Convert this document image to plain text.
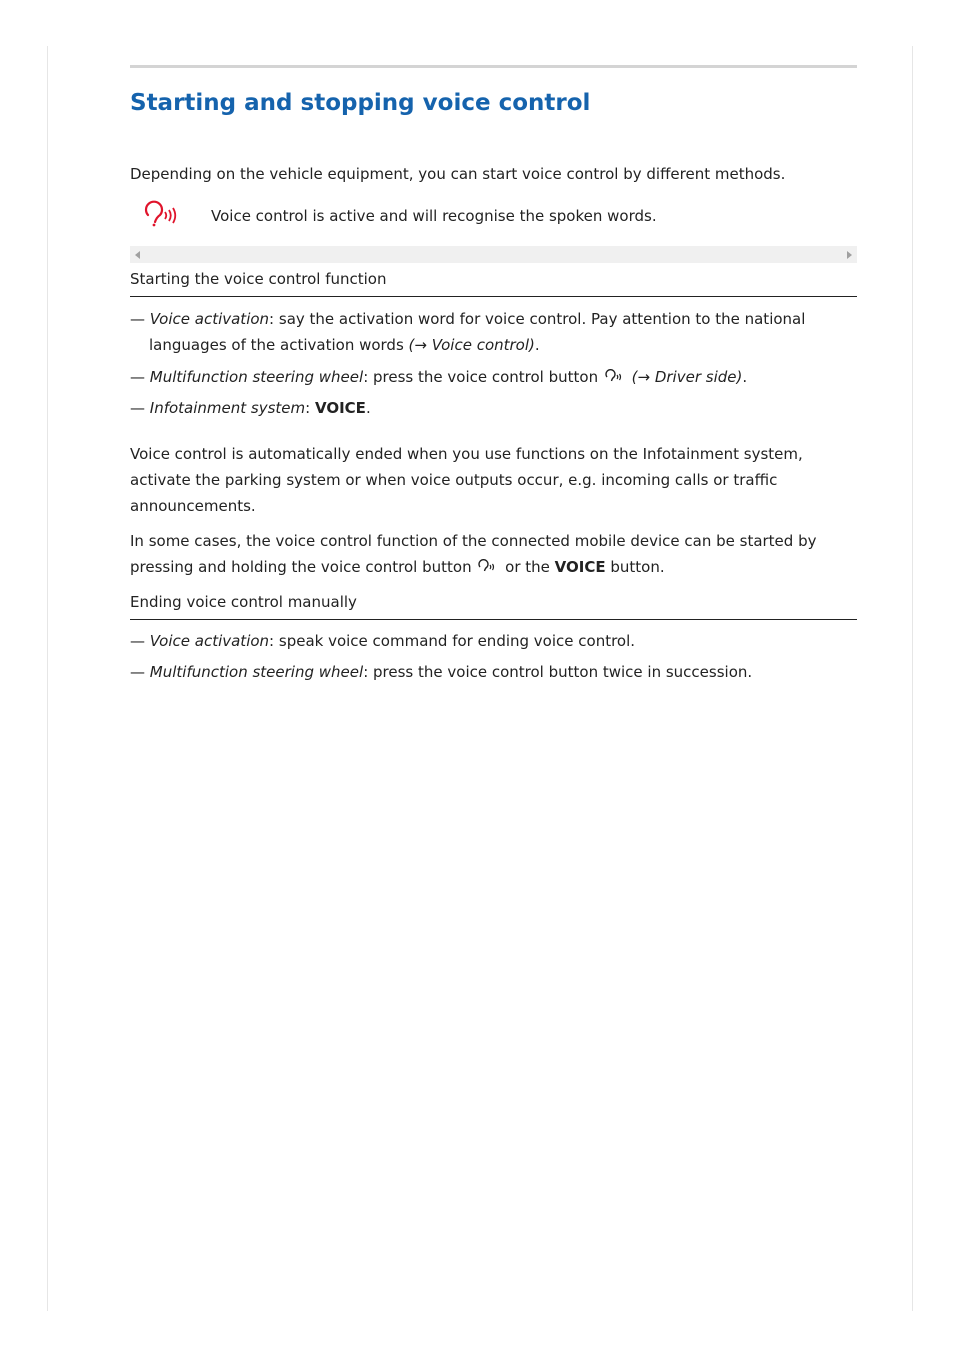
Starting and stopping voice control

Depending on the vehicle equipment, you can start voice control by different methods.

Voice control is active and will recognise the spoken words.

Starting the voice control function

— Voice activation: say the activation word for voice control. Pay attention to the national

languages of the activation words (→ Voice control).

— Multifunction steering wheel: press the voice control button  (→ Driver side).

— Infotainment system: VOICE.

Voice control is automatically ended when you use functions on the Infotainment system,

activate the parking system or when voice outputs occur, e.g. incoming calls or traffic

announcements.

In some cases, the voice control function of the connected mobile device can be started by

pressing and holding the voice control button  or the VOICE button.

Ending voice control manually

— Voice activation: speak voice command for ending voice control.

— Multifunction steering wheel: press the voice control button twice in succession.
